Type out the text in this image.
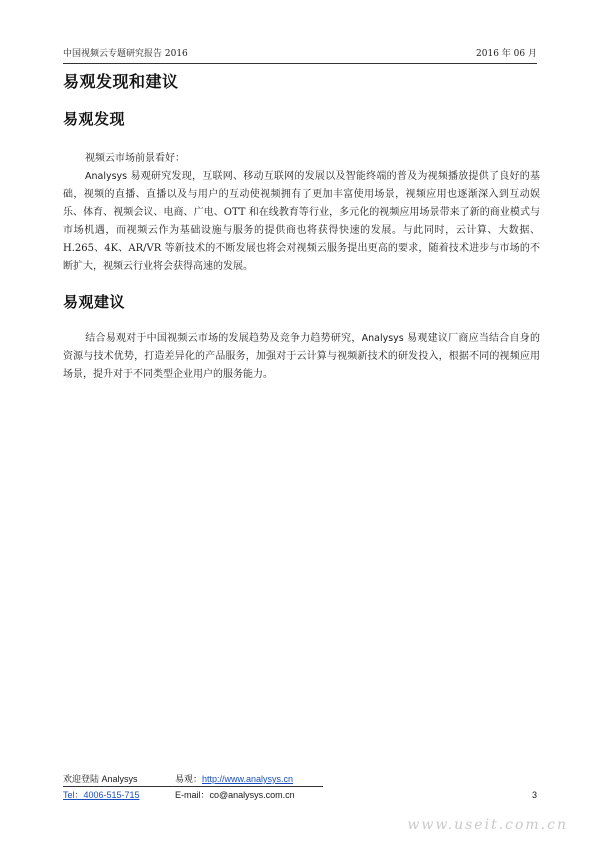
中国视频云专题研究报告 2016	2016 年 06 月
易观发现和建议
易观发现
视频云市场前景看好：
Analysys 易观研究发现，互联网、移动互联网的发展以及智能终端的普及为视频播放提供了良好的基础，视频的直播、直播以及与用户的互动使视频拥有了更加丰富使用场景，视频应用也逐渐深入到互动娱乐、体育、视频会议、电商、广电、OTT 和在线教育等行业，多元化的视频应用场景带来了新的商业模式与市场机遇，而视频云作为基础设施与服务的提供商也将获得快速的发展。与此同时，云计算、大数据、H.265、4K、AR/VR 等新技术的不断发展也将会对视频云服务提出更高的要求，随着技术进步与市场的不断扩大，视频云行业将会获得高速的发展。
易观建议
结合易观对于中国视频云市场的发展趋势及竞争力趋势研究，Analysys 易观建议厂商应当结合自身的资源与技术优势，打造差异化的产品服务，加强对于云计算与视频新技术的研发投入，根据不同的视频应用场景，提升对于不同类型企业用户的服务能力。
欢迎登陆 Analysys	易观：http://www.analysys.cn
Tel：4006-515-715	E-mail：co@analysys.com.cn	3
www.useit.com.cn
